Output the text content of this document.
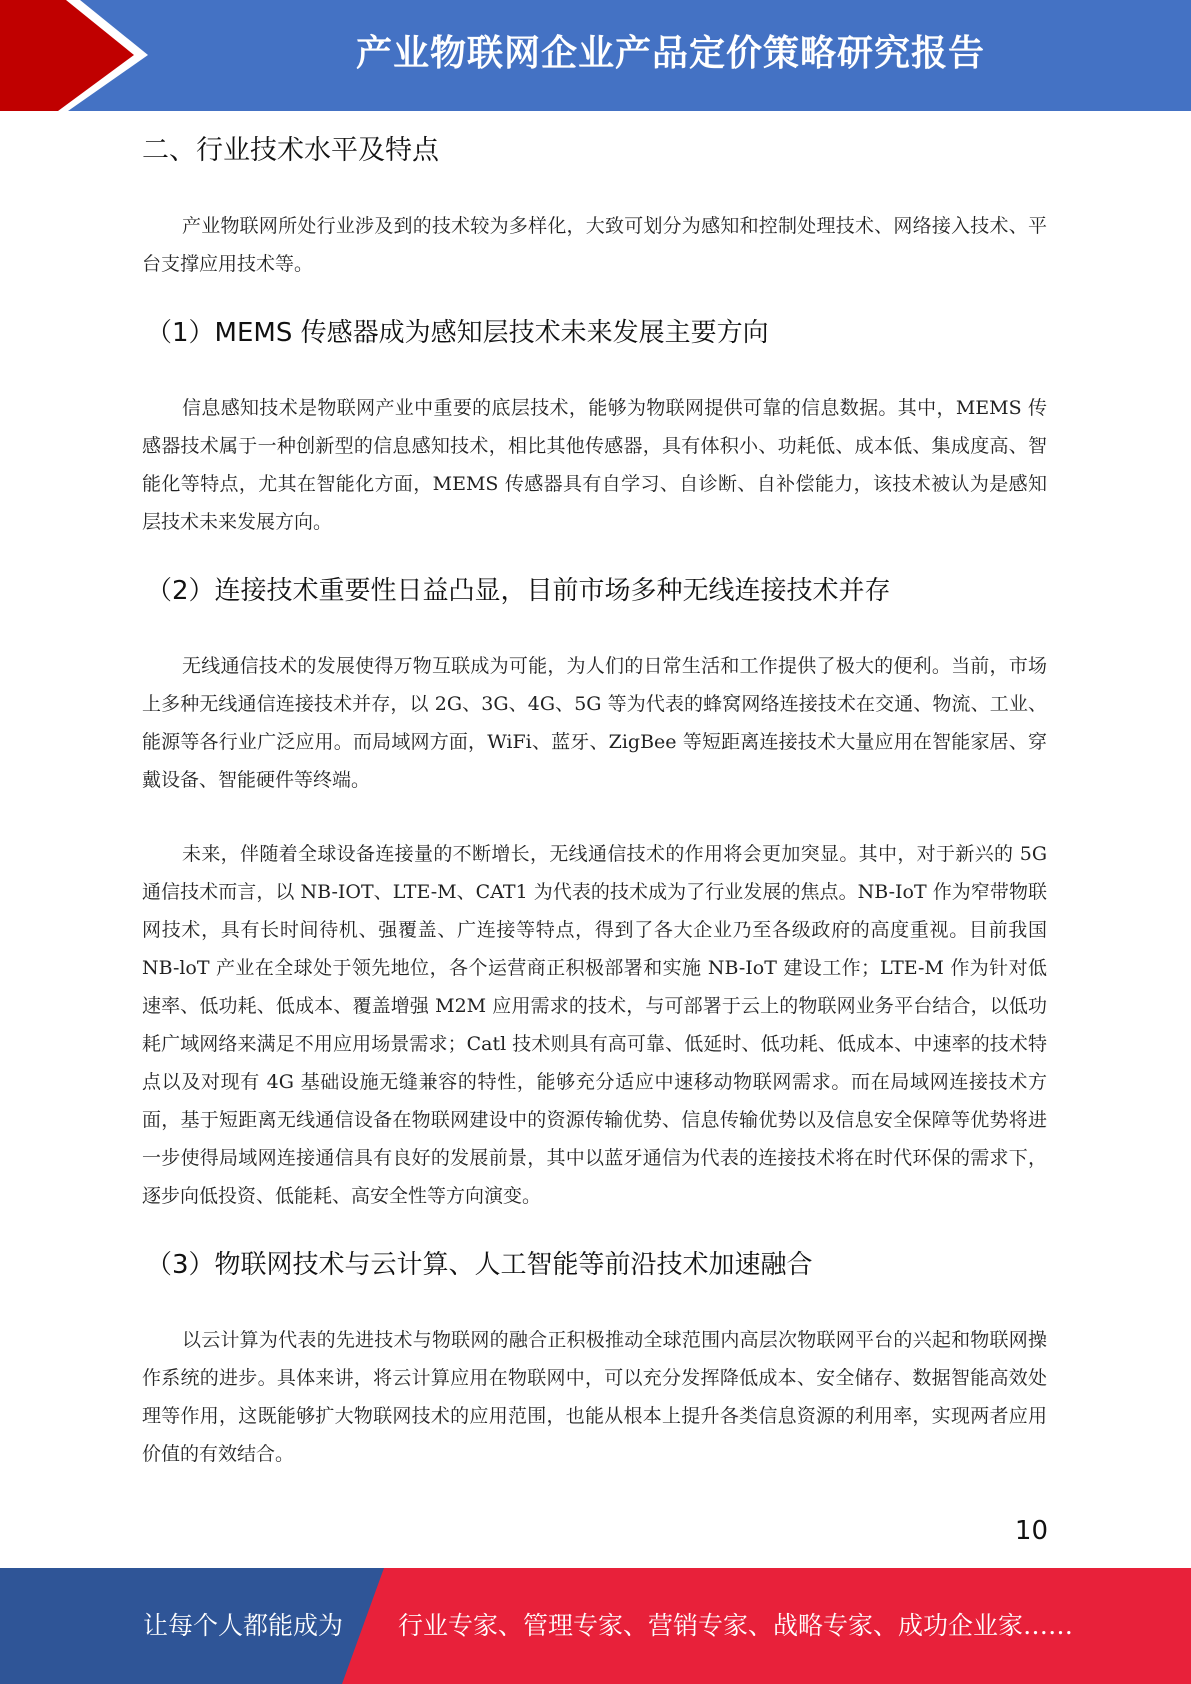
产业物联网企业产品定价策略研究报告
二、行业技术水平及特点

产业物联网所处行业涉及到的技术较为多样化，大致可划分为感知和控制处理技术、网络接入技术、平台支撑应用技术等。

（1）MEMS 传感器成为感知层技术未来发展主要方向

信息感知技术是物联网产业中重要的底层技术，能够为物联网提供可靠的信息数据。其中，MEMS 传感器技术属于一种创新型的信息感知技术，相比其他传感器，具有体积小、功耗低、成本低、集成度高、智能化等特点，尤其在智能化方面，MEMS 传感器具有自学习、自诊断、自补偿能力，该技术被认为是感知层技术未来发展方向。

（2）连接技术重要性日益凸显，目前市场多种无线连接技术并存

无线通信技术的发展使得万物互联成为可能，为人们的日常生活和工作提供了极大的便利。当前，市场上多种无线通信连接技术并存，以 2G、3G、4G、5G 等为代表的蜂窝网络连接技术在交通、物流、工业、能源等各行业广泛应用。而局域网方面，WiFi、蓝牙、ZigBee 等短距离连接技术大量应用在智能家居、穿戴设备、智能硬件等终端。

未来，伴随着全球设备连接量的不断增长，无线通信技术的作用将会更加突显。其中，对于新兴的 5G 通信技术而言，以 NB-IOT、LTE-M、CAT1 为代表的技术成为了行业发展的焦点。NB-IoT 作为窄带物联网技术，具有长时间待机、强覆盖、广连接等特点，得到了各大企业乃至各级政府的高度重视。目前我国 NB-loT 产业在全球处于领先地位，各个运营商正积极部署和实施 NB-IoT 建设工作；LTE-M 作为针对低速率、低功耗、低成本、覆盖增强 M2M 应用需求的技术，与可部署于云上的物联网业务平台结合，以低功耗广域网络来满足不用应用场景需求；Catl 技术则具有高可靠、低延时、低功耗、低成本、中速率的技术特点以及对现有 4G 基础设施无缝兼容的特性，能够充分适应中速移动物联网需求。而在局域网连接技术方面，基于短距离无线通信设备在物联网建设中的资源传输优势、信息传输优势以及信息安全保障等优势将进一步使得局域网连接通信具有良好的发展前景，其中以蓝牙通信为代表的连接技术将在时代环保的需求下，逐步向低投资、低能耗、高安全性等方向演变。

（3）物联网技术与云计算、人工智能等前沿技术加速融合

以云计算为代表的先进技术与物联网的融合正积极推动全球范围内高层次物联网平台的兴起和物联网操作系统的进步。具体来讲，将云计算应用在物联网中，可以充分发挥降低成本、安全储存、数据智能高效处理等作用，这既能够扩大物联网技术的应用范围，也能从根本上提升各类信息资源的利用率，实现两者应用价值的有效结合。

10
让每个人都能成为 行业专家、管理专家、营销专家、战略专家、成功企业家……
